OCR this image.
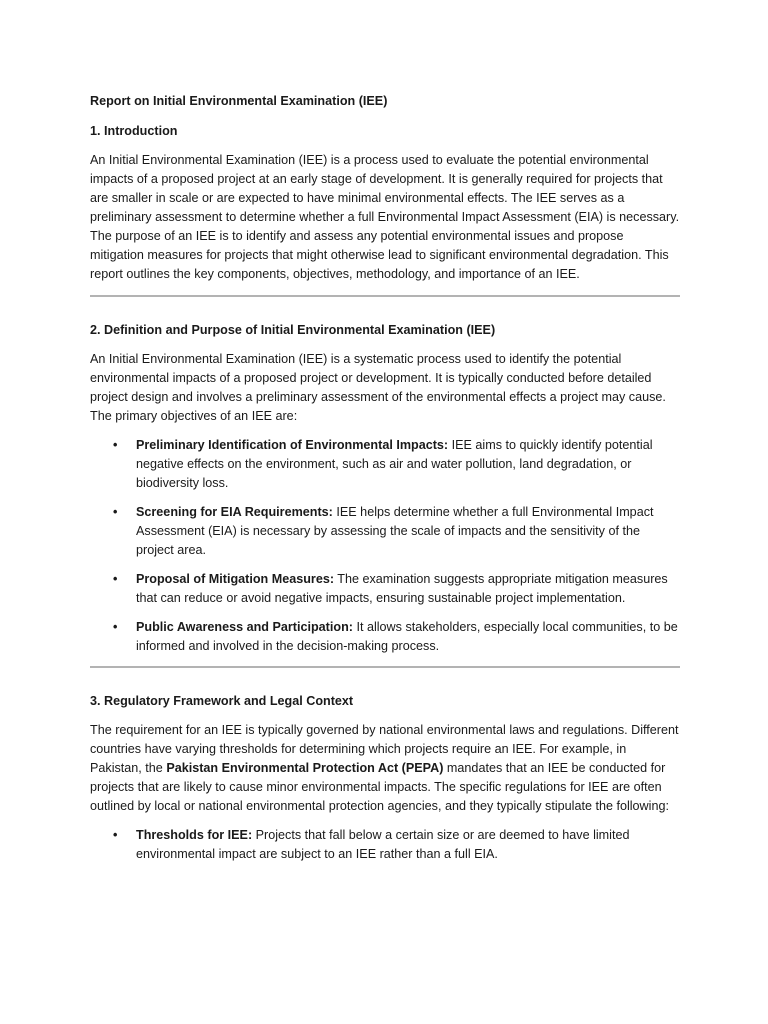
Report on Initial Environmental Examination (IEE)
1. Introduction
An Initial Environmental Examination (IEE) is a process used to evaluate the potential environmental impacts of a proposed project at an early stage of development. It is generally required for projects that are smaller in scale or are expected to have minimal environmental effects. The IEE serves as a preliminary assessment to determine whether a full Environmental Impact Assessment (EIA) is necessary. The purpose of an IEE is to identify and assess any potential environmental issues and propose mitigation measures for projects that might otherwise lead to significant environmental degradation. This report outlines the key components, objectives, methodology, and importance of an IEE.
2. Definition and Purpose of Initial Environmental Examination (IEE)
An Initial Environmental Examination (IEE) is a systematic process used to identify the potential environmental impacts of a proposed project or development. It is typically conducted before detailed project design and involves a preliminary assessment of the environmental effects a project may cause. The primary objectives of an IEE are:
• Preliminary Identification of Environmental Impacts: IEE aims to quickly identify potential negative effects on the environment, such as air and water pollution, land degradation, or biodiversity loss.
• Screening for EIA Requirements: IEE helps determine whether a full Environmental Impact Assessment (EIA) is necessary by assessing the scale of impacts and the sensitivity of the project area.
• Proposal of Mitigation Measures: The examination suggests appropriate mitigation measures that can reduce or avoid negative impacts, ensuring sustainable project implementation.
• Public Awareness and Participation: It allows stakeholders, especially local communities, to be informed and involved in the decision-making process.
3. Regulatory Framework and Legal Context
The requirement for an IEE is typically governed by national environmental laws and regulations. Different countries have varying thresholds for determining which projects require an IEE. For example, in Pakistan, the Pakistan Environmental Protection Act (PEPA) mandates that an IEE be conducted for projects that are likely to cause minor environmental impacts. The specific regulations for IEE are often outlined by local or national environmental protection agencies, and they typically stipulate the following:
• Thresholds for IEE: Projects that fall below a certain size or are deemed to have limited environmental impact are subject to an IEE rather than a full EIA.
